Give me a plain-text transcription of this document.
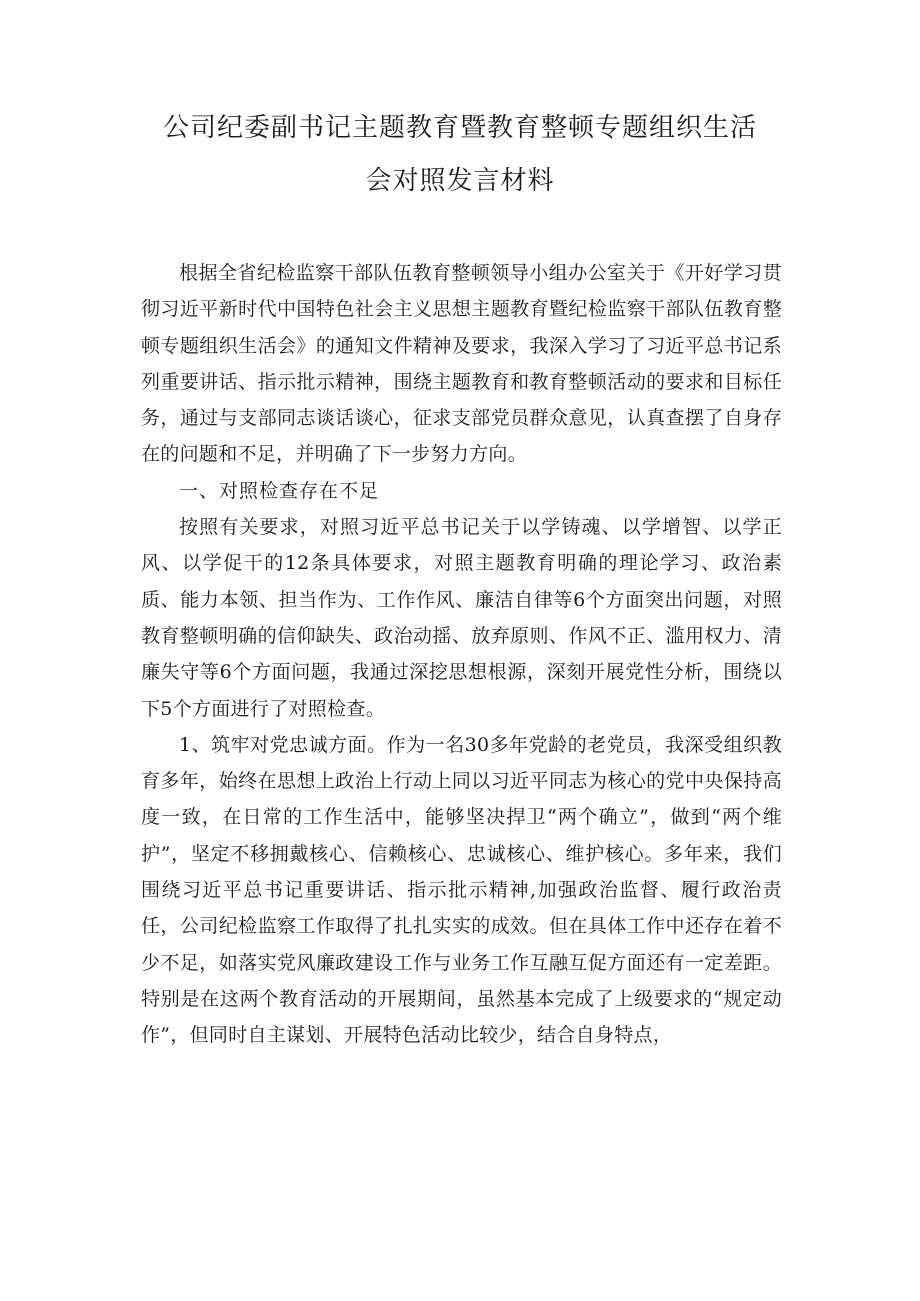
公司纪委副书记主题教育暨教育整顿专题组织生活
会对照发言材料

根据全省纪检监察干部队伍教育整顿领导小组办公室关于《开好学习贯彻习近平新时代中国特色社会主义思想主题教育暨纪检监察干部队伍教育整顿专题组织生活会》的通知文件精神及要求，我深入学习了习近平总书记系列重要讲话、指示批示精神，围绕主题教育和教育整顿活动的要求和目标任务，通过与支部同志谈话谈心，征求支部党员群众意见，认真查摆了自身存在的问题和不足，并明确了下一步努力方向。

一、对照检查存在不足

按照有关要求，对照习近平总书记关于以学铸魂、以学增智、以学正风、以学促干的12条具体要求，对照主题教育明确的理论学习、政治素质、能力本领、担当作为、工作作风、廉洁自律等6个方面突出问题，对照教育整顿明确的信仰缺失、政治动摇、放弃原则、作风不正、滥用权力、清廉失守等6个方面问题，我通过深挖思想根源，深刻开展党性分析，围绕以下5个方面进行了对照检查。

1、筑牢对党忠诚方面。作为一名30多年党龄的老党员，我深受组织教育多年，始终在思想上政治上行动上同以习近平同志为核心的党中央保持高度一致，在日常的工作生活中，能够坚决捍卫“两个确立”，做到“两个维护”，坚定不移拥戴核心、信赖核心、忠诚核心、维护核心。多年来，我们围绕习近平总书记重要讲话、指示批示精神,加强政治监督、履行政治责任，公司纪检监察工作取得了扎扎实实的成效。但在具体工作中还存在着不少不足，如落实党风廉政建设工作与业务工作互融互促方面还有一定差距。特别是在这两个教育活动的开展期间，虽然基本完成了上级要求的“规定动作”，但同时自主谋划、开展特色活动比较少，结合自身特点，
